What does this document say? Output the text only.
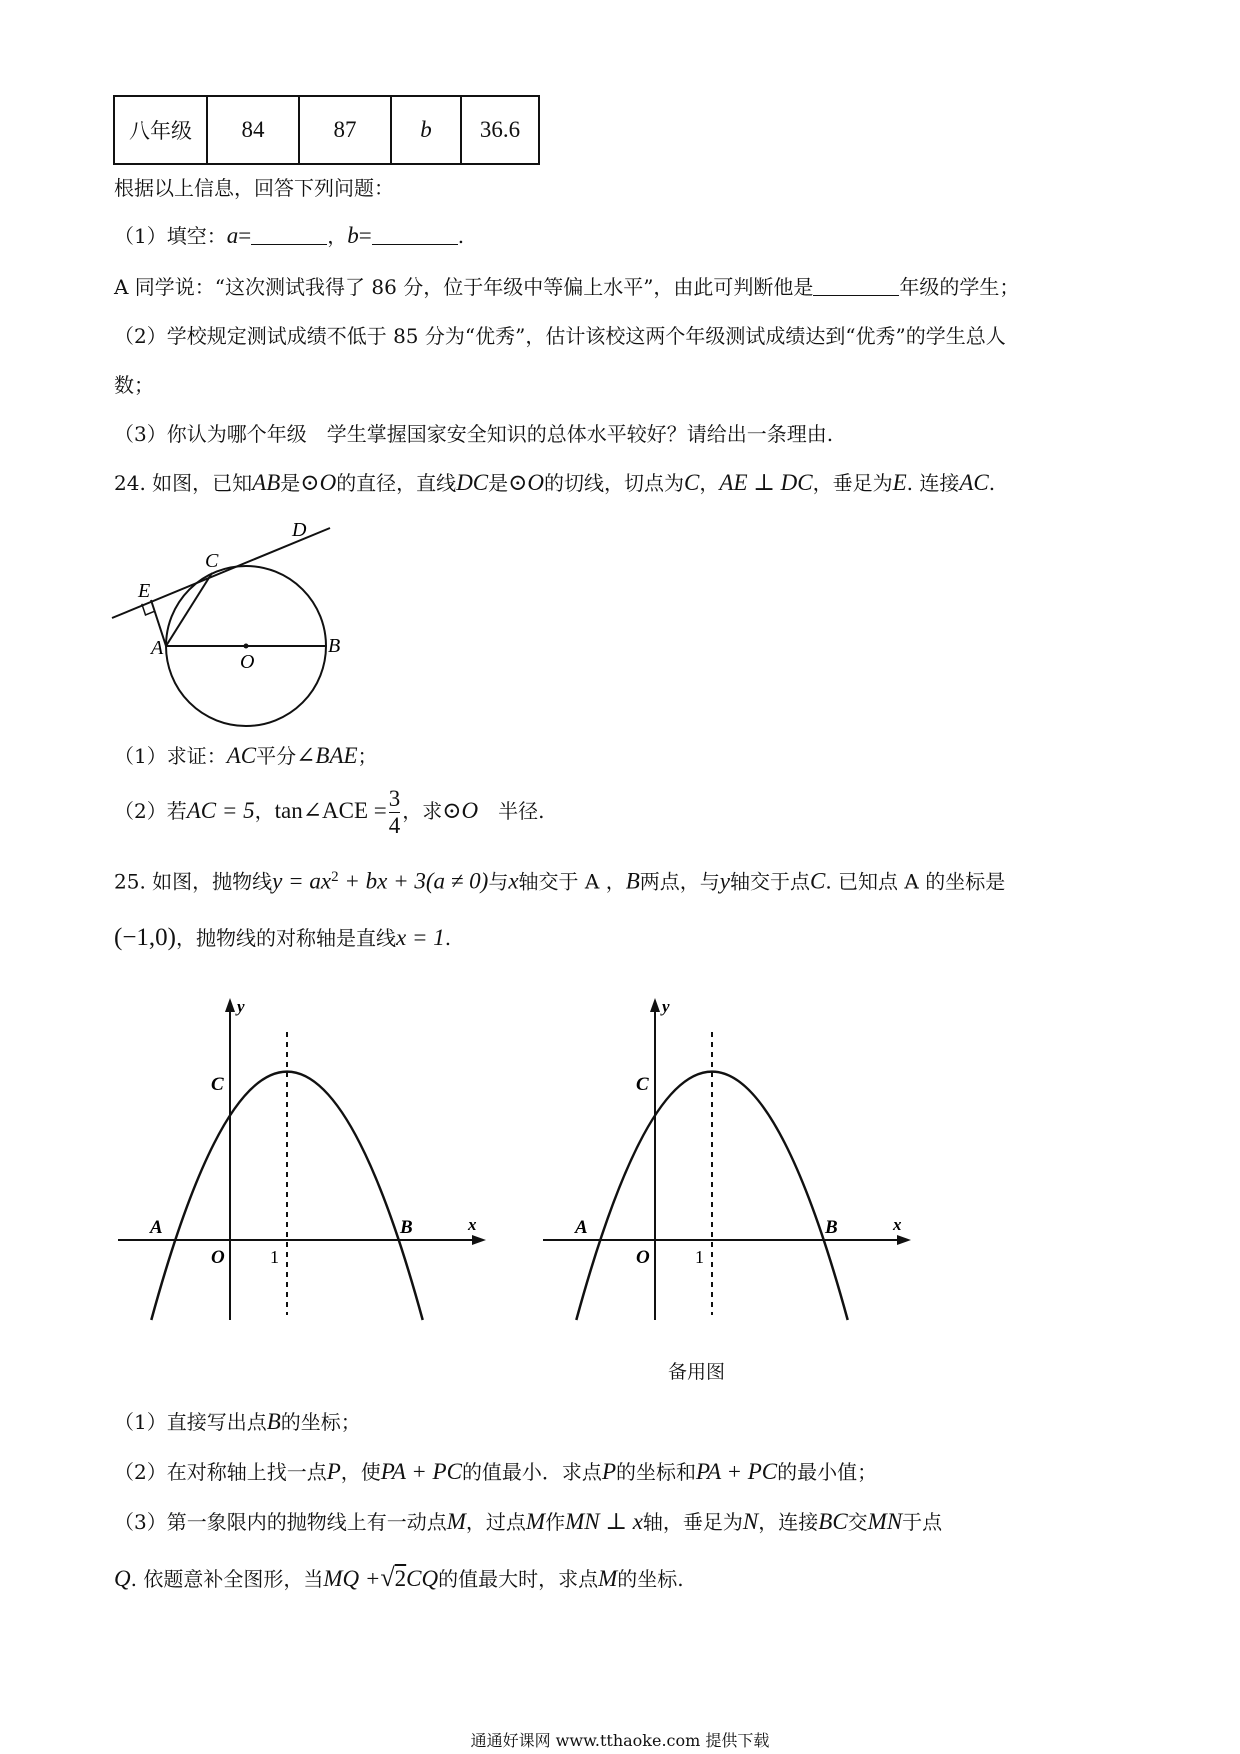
八年级	84	87	b	36.6
根据以上信息，回答下列问题：
（1）填空：a=	，b=	.
A 同学说：“这次测试我得了 86 分，位于年级中等偏上水平”，由此可判断他是	年级的学生；
（2）学校规定测试成绩不低于 85 分为“优秀”，估计该校这两个年级测试成绩达到“优秀”的学生总人
数；
（3）你认为哪个年级　学生掌握国家安全知识的总体水平较好？请给出一条理由.
24. 如图，已知AB是⊙O的直径，直线DC是⊙O的切线，切点为C，AE ⊥ DC，垂足为E. 连接AC.
D
C
E
A
O
B
（1）求证：AC平分∠BAE；
（2）若AC = 5，tan∠ACE = $\frac{3}{4}$ ，求⊙O　半径.
25. 如图，抛物线$y = ax^2$ + bx + 3(a ≠ 0)与x轴交于 A ，B两点，与y轴交于点C. 已知点 A 的坐标是
(−1,0)，抛物线的对称轴是直线x = 1.
y
x
C
A	B
O	1
y
x
C
A	B
O	1
备用图
（1）直接写出点B的坐标；
（2）在对称轴上找一点P，使PA + PC的值最小．求点P的坐标和PA + PC的最小值；
（3）第一象限内的抛物线上有一动点M，过点M作MN ⊥ x轴，垂足为N，连接BC交MN于点
Q. 依题意补全图形，当MQ +√2CQ的值最大时，求点M的坐标.
通通好课网 www.tthaoke.com 提供下载
